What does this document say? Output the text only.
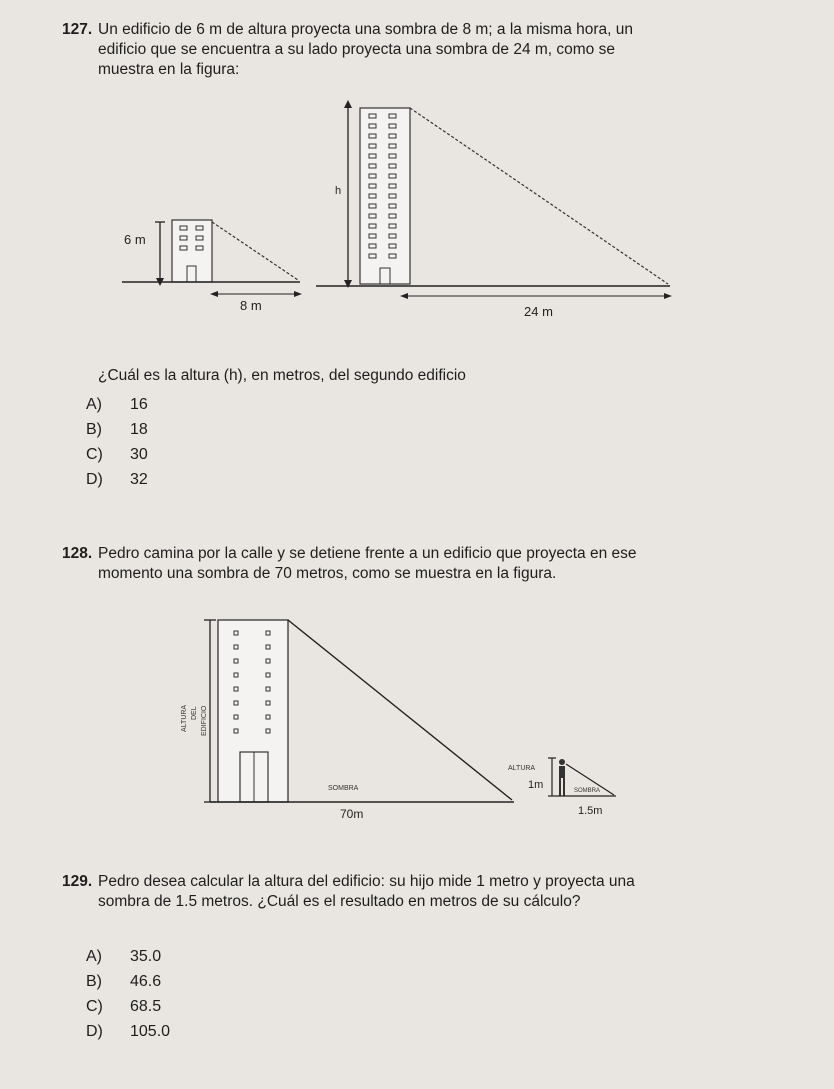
127. Un edificio de 6 m de altura proyecta una sombra de 8 m; a la misma hora, un
edificio que se encuentra a su lado proyecta una sombra de 24 m, como se
muestra en la figura:
6 m
8 m
h
24 m
¿Cuál es la altura (h), en metros, del segundo edificio
A) 16
B) 18
C) 30
D) 32
128. Pedro camina por la calle y se detiene frente a un edificio que proyecta en ese
momento una sombra de 70 metros, como se muestra en la figura.
ALTURA DEL EDIFICIO
SOMBRA
70m
ALTURA
1m	SOMBRA
1.5m
129. Pedro desea calcular la altura del edificio: su hijo mide 1 metro y proyecta una
sombra de 1.5 metros. ¿Cuál es el resultado en metros de su cálculo?
A) 35.0
B) 46.6
C) 68.5
D) 105.0
